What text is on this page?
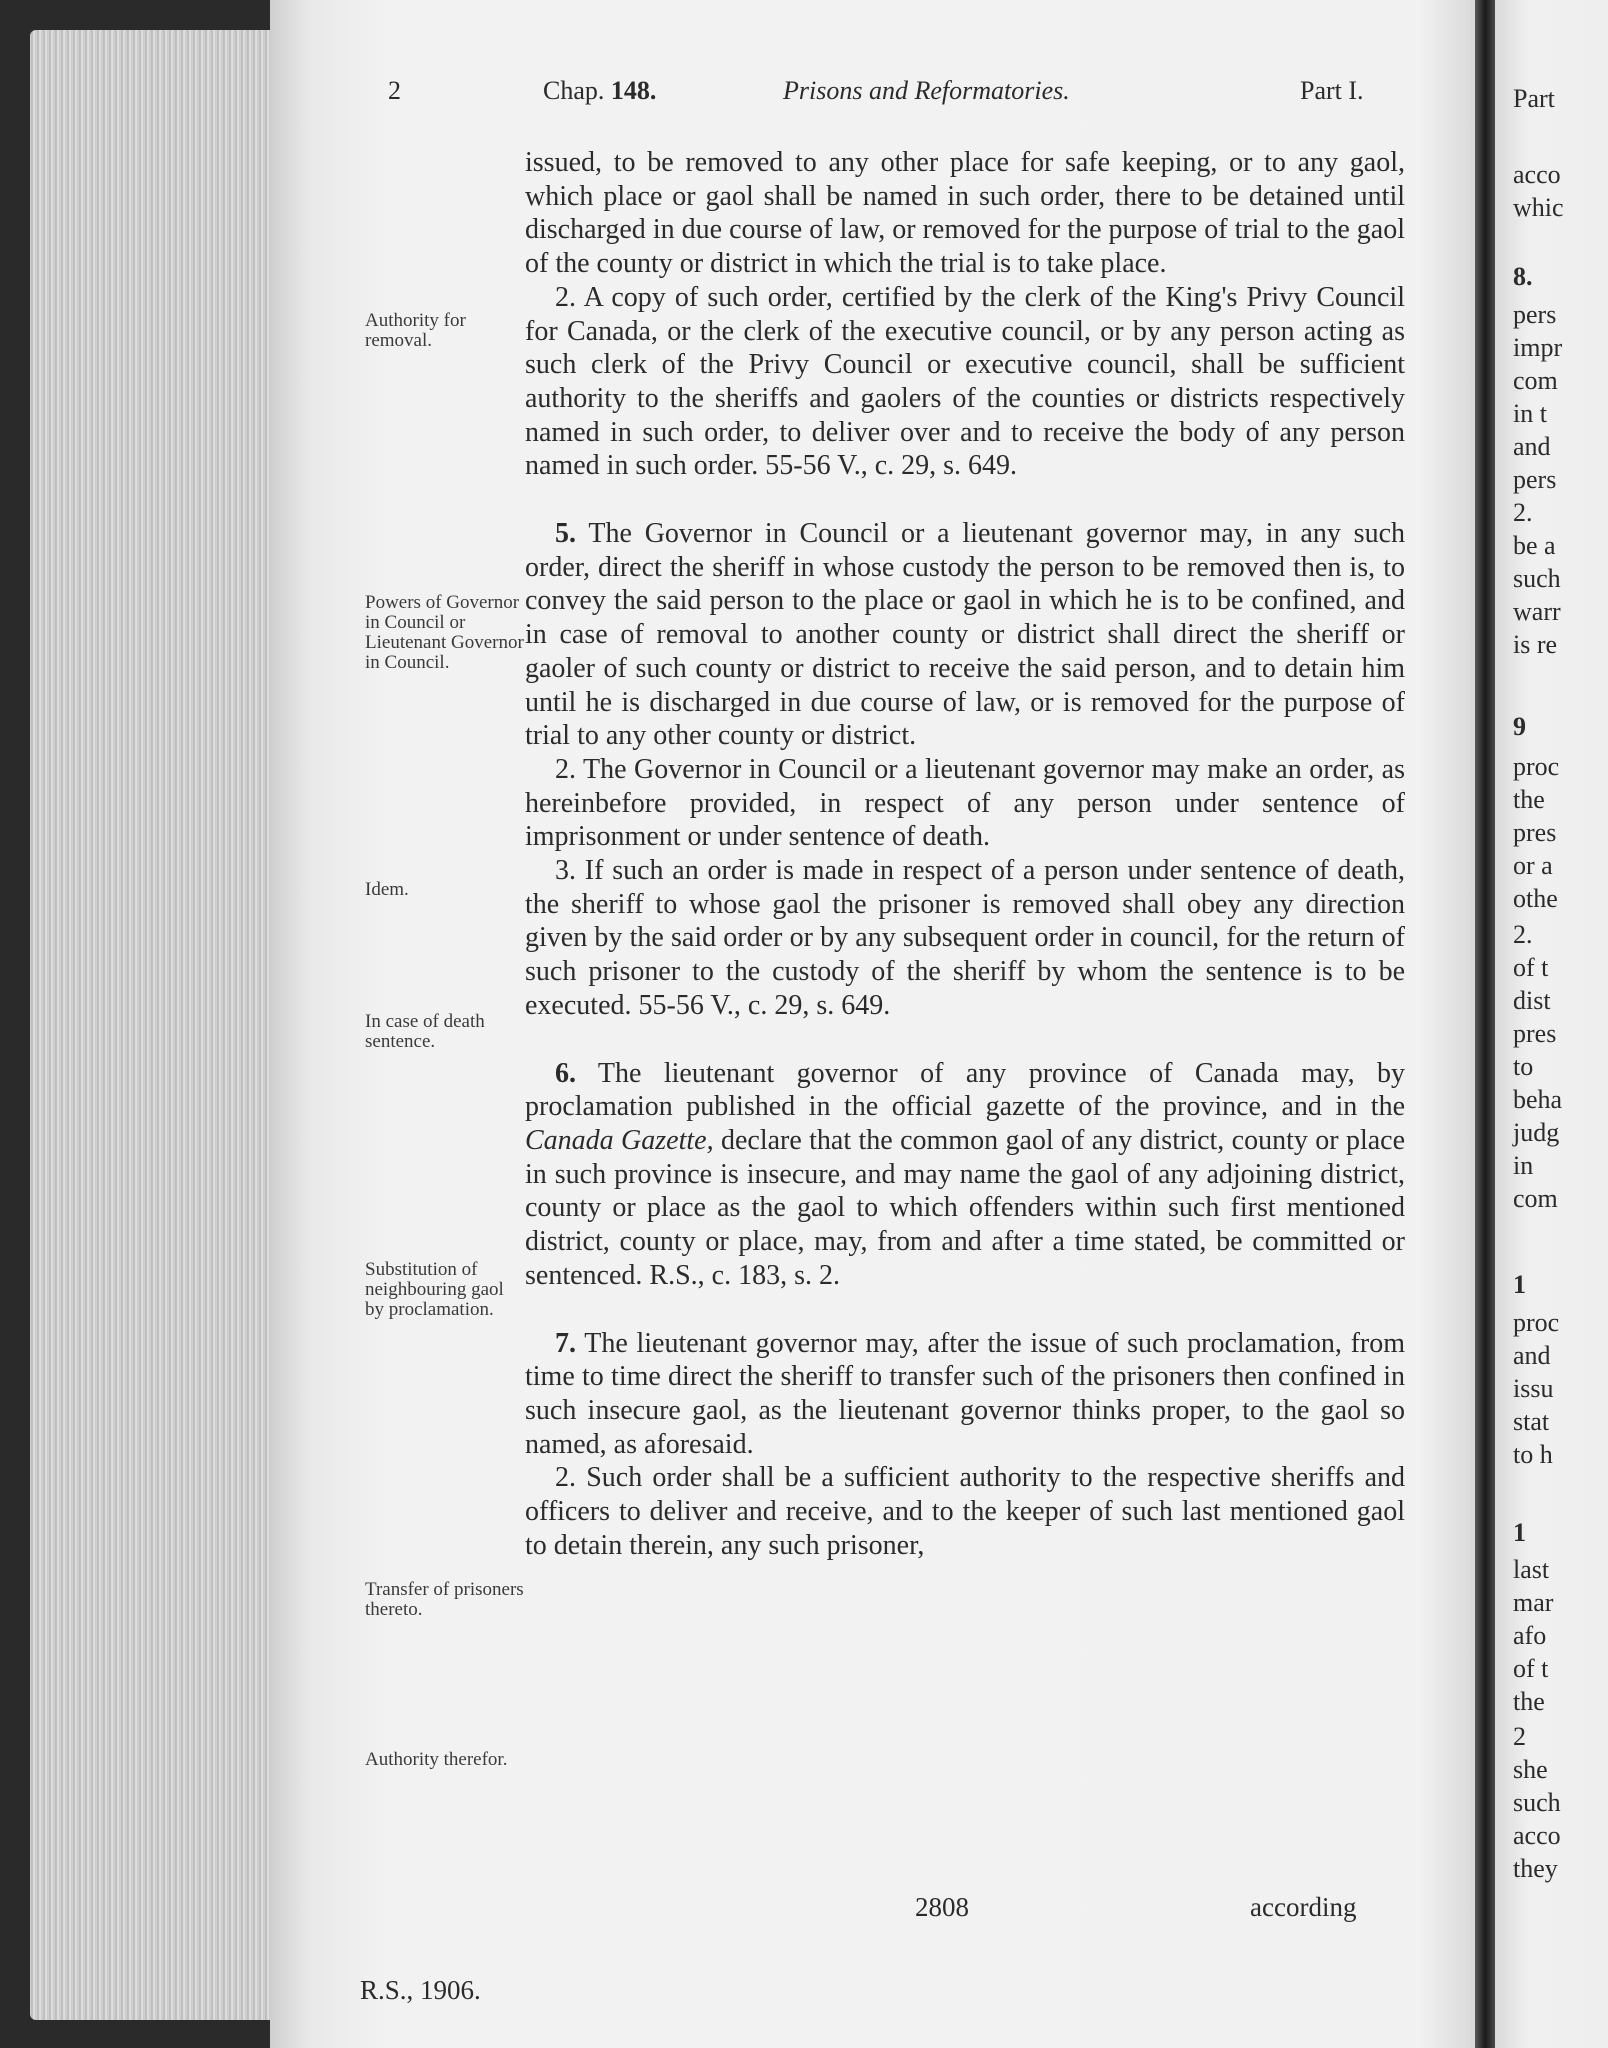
2	Chap. 148.	Prisons and Reformatories.	Part I.
Authority for removal.
Powers of Governor in Council or Lieutenant Governor in Council.
Idem.
In case of death sentence.
Substitution of neighbouring gaol by proclamation.
Transfer of prisoners thereto.
Authority therefor.

issued, to be removed to any other place for safe keeping, or to any gaol, which place or gaol shall be named in such order, there to be detained until discharged in due course of law, or removed for the purpose of trial to the gaol of the county or district in which the trial is to take place.

2. A copy of such order, certified by the clerk of the King's Privy Council for Canada, or the clerk of the executive council, or by any person acting as such clerk of the Privy Council or executive council, shall be sufficient authority to the sheriffs and gaolers of the counties or districts respectively named in such order, to deliver over and to receive the body of any person named in such order. 55-56 V., c. 29, s. 649.

5. The Governor in Council or a lieutenant governor may, in any such order, direct the sheriff in whose custody the person to be removed then is, to convey the said person to the place or gaol in which he is to be confined, and in case of removal to another county or district shall direct the sheriff or gaoler of such county or district to receive the said person, and to detain him until he is discharged in due course of law, or is removed for the purpose of trial to any other county or district.

2. The Governor in Council or a lieutenant governor may make an order, as hereinbefore provided, in respect of any person under sentence of imprisonment or under sentence of death.

3. If such an order is made in respect of a person under sentence of death, the sheriff to whose gaol the prisoner is removed shall obey any direction given by the said order or by any subsequent order in council, for the return of such prisoner to the custody of the sheriff by whom the sentence is to be executed. 55-56 V., c. 29, s. 649.

6. The lieutenant governor of any province of Canada may, by proclamation published in the official gazette of the province, and in the Canada Gazette, declare that the common gaol of any district, county or place in such province is insecure, and may name the gaol of any adjoining district, county or place as the gaol to which offenders within such first mentioned district, county or place, may, from and after a time stated, be committed or sentenced. R.S., c. 183, s. 2.

7. The lieutenant governor may, after the issue of such proclamation, from time to time direct the sheriff to transfer such of the prisoners then confined in such insecure gaol, as the lieutenant governor thinks proper, to the gaol so named, as aforesaid.

2. Such order shall be a sufficient authority to the respective sheriffs and officers to deliver and receive, and to the keeper of such last mentioned gaol to detain therein, any such prisoner,

2808	according
R.S., 1906.
Part
acco
whic
8.
pers
impr
com
in t
and
pers
2.
be a
such
warr
is re
9
proc
the
pres
or a
othe
2.
of t
dist
pres
to
beha
judg
in
com
1
proc
and
issu
stat
to h
1
last
mar
afo
of t
the
2
she
such
acco
they
